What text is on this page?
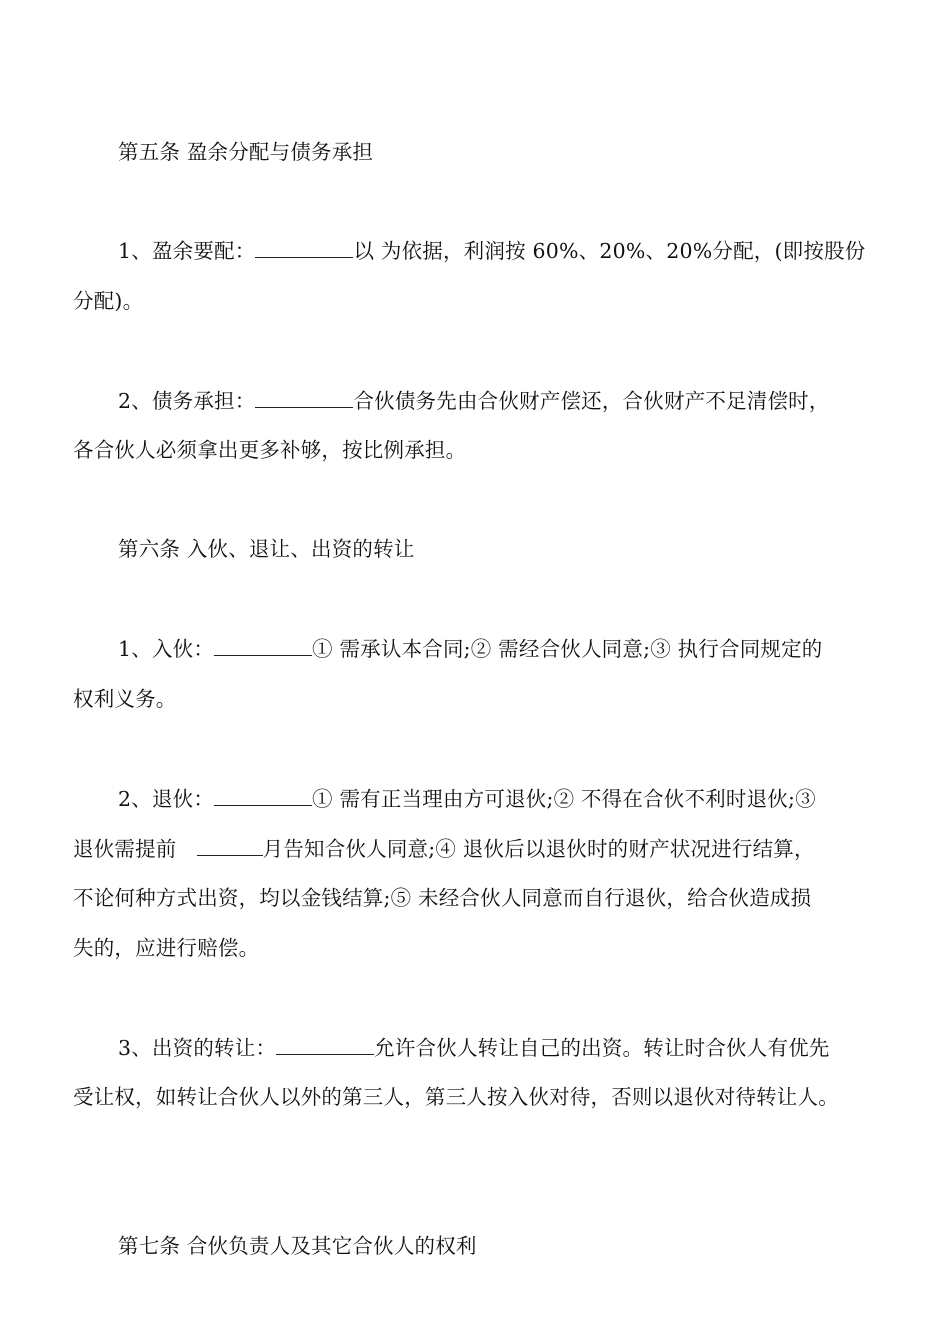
第五条 盈余分配与债务承担
1、盈余要配：	以 为依据，利润按 60%、20%、20%分配，(即按股份
分配)。
2、债务承担：	合伙债务先由合伙财产偿还，合伙财产不足清偿时，
各合伙人必须拿出更多补够，按比例承担。
第六条 入伙、退让、出资的转让
1、入伙：	① 需承认本合同;② 需经合伙人同意;③ 执行合同规定的
权利义务。
2、退伙：	① 需有正当理由方可退伙;② 不得在合伙不利时退伙;③
退伙需提前	月告知合伙人同意;④ 退伙后以退伙时的财产状况进行结算，
不论何种方式出资，均以金钱结算;⑤ 未经合伙人同意而自行退伙，给合伙造成损
失的，应进行赔偿。
3、出资的转让：	允许合伙人转让自己的出资。转让时合伙人有优先
受让权，如转让合伙人以外的第三人，第三人按入伙对待，否则以退伙对待转让人。
第七条 合伙负责人及其它合伙人的权利
